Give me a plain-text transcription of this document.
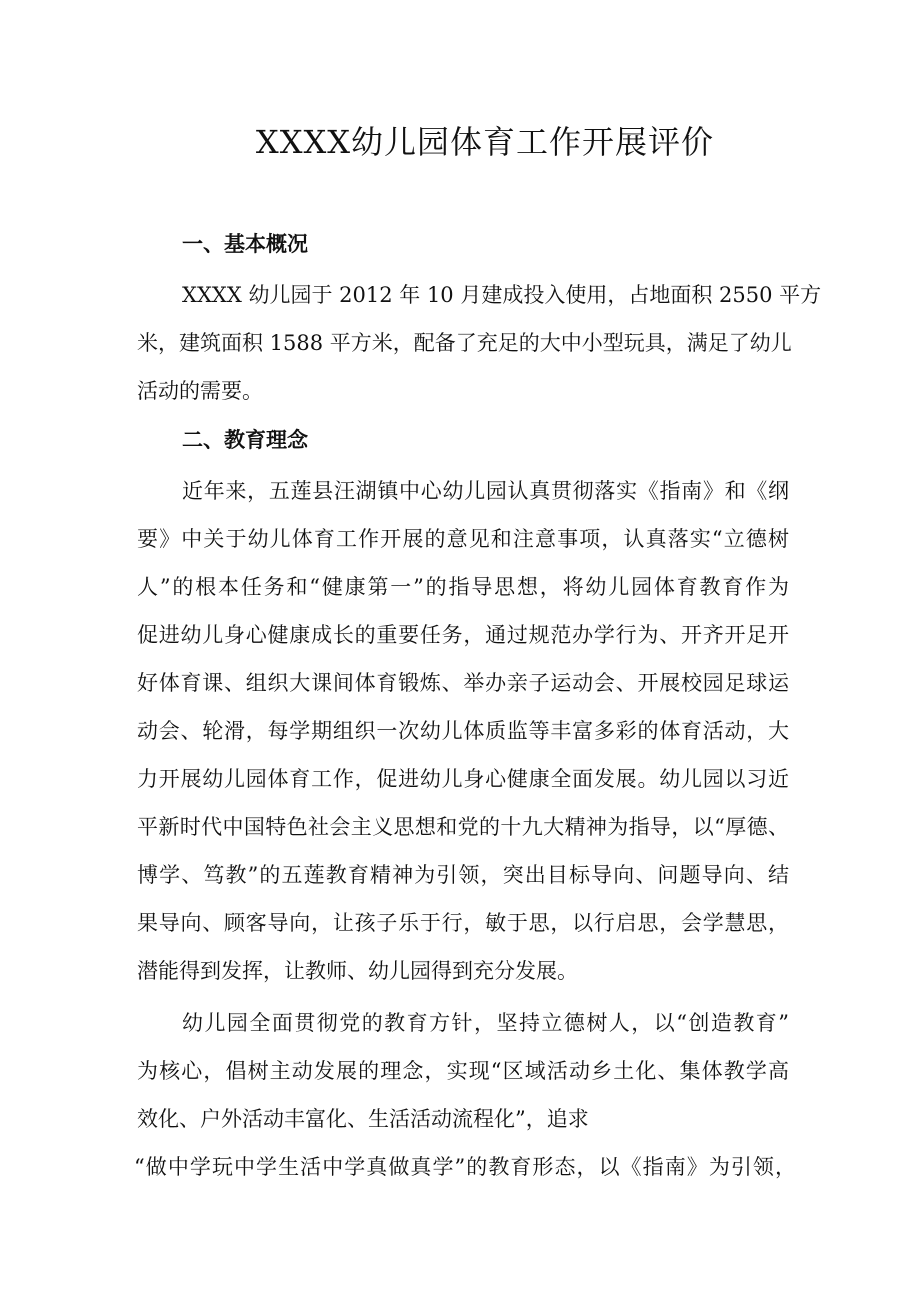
XXXX幼儿园体育工作开展评价
一、基本概况
XXXX 幼儿园于 2012 年 10 月建成投入使用，占地面积 2550 平方
米，建筑面积 1588 平方米，配备了充足的大中小型玩具，满足了幼儿
活动的需要。
二、教育理念
近年来，五莲县汪湖镇中心幼儿园认真贯彻落实《指南》和《纲
要》中关于幼儿体育工作开展的意见和注意事项，认真落实“立德树
人”的根本任务和“健康第一”的指导思想，将幼儿园体育教育作为
促进幼儿身心健康成长的重要任务，通过规范办学行为、开齐开足开
好体育课、组织大课间体育锻炼、举办亲子运动会、开展校园足球运
动会、轮滑，每学期组织一次幼儿体质监等丰富多彩的体育活动，大
力开展幼儿园体育工作，促进幼儿身心健康全面发展。幼儿园以习近
平新时代中国特色社会主义思想和党的十九大精神为指导，以“厚德、
博学、笃教”的五莲教育精神为引领，突出目标导向、问题导向、结
果导向、顾客导向，让孩子乐于行，敏于思，以行启思，会学慧思，
潜能得到发挥，让教师、幼儿园得到充分发展。
幼儿园全面贯彻党的教育方针，坚持立德树人，以“创造教育”
为核心，倡树主动发展的理念，实现“区域活动乡土化、集体教学高
效化、户外活动丰富化、生活活动流程化”，追求
“做中学玩中学生活中学真做真学”的教育形态，以《指南》为引领，
